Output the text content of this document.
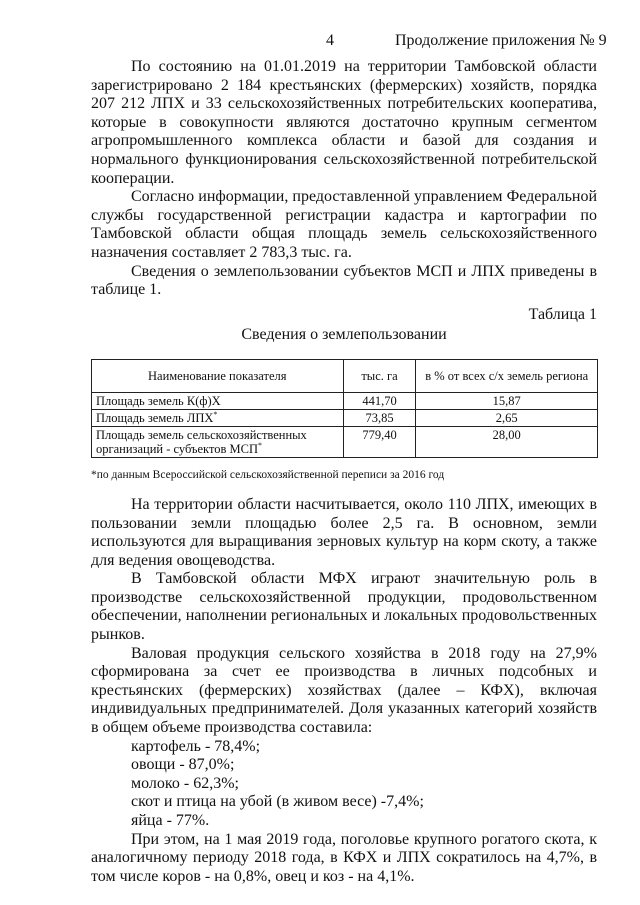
4	Продолжение приложения № 9

По состоянию на 01.01.2019 на территории Тамбовской области зарегистрировано 2 184 крестьянских (фермерских) хозяйств, порядка 207 212 ЛПХ и 33 сельскохозяйственных потребительских кооператива, которые в совокупности являются достаточно крупным сегментом агропромышленного комплекса области и базой для создания и нормального функционирования сельскохозяйственной потребительской кооперации.

Согласно информации, предоставленной управлением Федеральной службы государственной регистрации кадастра и картографии по Тамбовской области общая площадь земель сельскохозяйственного назначения составляет 2 783,3 тыс. га.

Сведения о землепользовании субъектов МСП и ЛПХ приведены в таблице 1.

Таблица 1

Сведения о землепользовании

Наименование показателя	тыс. га	в % от всех с/х земель региона
Площадь земель К(ф)Х	441,70	15,87
Площадь земель ЛПХ*	73,85	2,65
Площадь земель сельскохозяйственных организаций - субъектов МСП*	779,40	28,00

*по данным Всероссийской сельскохозяйственной переписи за 2016 год

На территории области насчитывается, около 110 ЛПХ, имеющих в пользовании земли площадью более 2,5 га. В основном, земли используются для выращивания зерновых культур на корм скоту, а также для ведения овощеводства.

В Тамбовской области МФХ играют значительную роль в производстве сельскохозяйственной продукции, продовольственном обеспечении, наполнении региональных и локальных продовольственных рынков.

Валовая продукция сельского хозяйства в 2018 году на 27,9% сформирована за счет ее производства в личных подсобных и крестьянских (фермерских) хозяйствах (далее – КФХ), включая индивидуальных предпринимателей. Доля указанных категорий хозяйств в общем объеме производства составила:

картофель - 78,4%;

овощи - 87,0%;

молоко - 62,3%;

скот и птица на убой (в живом весе) -7,4%;

яйца - 77%.

При этом, на 1 мая 2019 года, поголовье крупного рогатого скота, к аналогичному периоду 2018 года, в КФХ и ЛПХ сократилось на 4,7%, в том числе коров - на 0,8%, овец и коз - на 4,1%.
